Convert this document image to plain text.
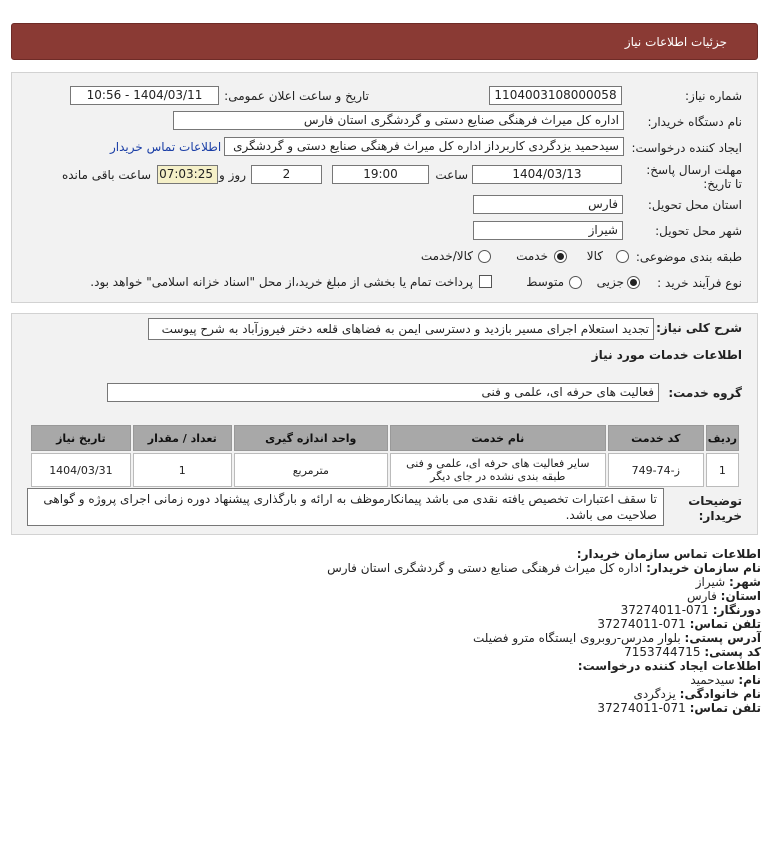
جزئیات اطلاعات نیاز
شماره نیاز:
1104003108000058
تاریخ و ساعت اعلان عمومی:
1404/03/11 - 10:56
نام دستگاه خریدار:
اداره کل میراث فرهنگی صنایع دستی و گردشگری استان فارس
ایجاد کننده درخواست:
سیدحمید یزدگردی کاربرداز اداره کل میراث فرهنگی صنایع دستی و گردشگری
اطلاعات تماس خریدار
مهلت ارسال پاسخ: تا تاریخ:
1404/03/13
ساعت
19:00
2
روز و
07:03:25
ساعت باقی مانده
استان محل تحویل:
فارس
شهر محل تحویل:
شیراز
طبقه بندی موضوعی:
کالا
خدمت
کالا/خدمت
نوع فرآیند خرید :
جزیی
متوسط
پرداخت تمام یا بخشی از مبلغ خرید،از محل "اسناد خزانه اسلامی" خواهد بود.
شرح کلی نیاز:
تجدید استعلام اجرای مسیر بازدید و دسترسی ایمن به فضاهای قلعه دختر فیروزآباد به شرح پیوست
اطلاعات خدمات مورد نیاز
گروه خدمت:
فعالیت های حرفه ای، علمی و فنی
ردیف	کد خدمت	نام خدمت	واحد اندازه گیری	تعداد / مقدار	تاریخ نیاز
1	ز-74-749	سایر فعالیت های حرفه ای، علمی و فنی طبقه بندی نشده در جای دیگر	مترمربع	1	1404/03/31
توضیحات خریدار:
تا سقف اعتبارات تخصیص یافته نقدی می باشد پیمانکارموظف به ارائه و بارگذاری پیشنهاد دوره زمانی اجرای پروژه و گواهی صلاحیت می باشد.
اطلاعات تماس سازمان خریدار:
نام سازمان خریدار: اداره کل میراث فرهنگی صنایع دستی و گردشگری استان فارس
شهر: شیراز
استان: فارس
دورنگار: 071-37274011
تلفن تماس: 071-37274011
آدرس پستی: بلوار مدرس-روبروی ایستگاه مترو فضیلت
کد پستی: 7153744715
اطلاعات ایجاد کننده درخواست:
نام: سیدحمید
نام خانوادگی: یزدگردی
تلفن تماس: 071-37274011
